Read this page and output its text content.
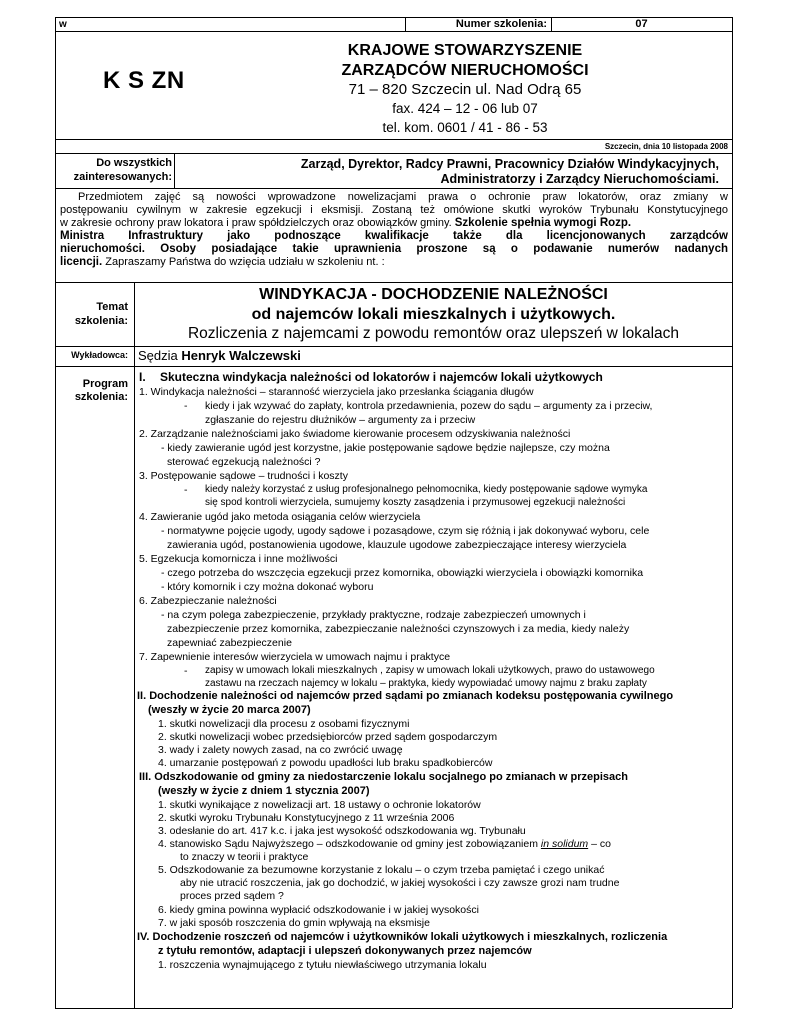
w	Numer szkolenia:	07
K S ZN
KRAJOWE STOWARZYSZENIE
ZARZĄDCÓW NIERUCHOMOŚCI
71 – 820 Szczecin ul. Nad Odrą 65
fax. 424 – 12 - 06 lub 07
tel. kom. 0601 / 41 - 86 - 53
Szczecin, dnia 10 listopada 2008
Do wszystkich
zainteresowanych:
Zarząd, Dyrektor, Radcy Prawni, Pracownicy Działów Windykacyjnych,
Administratorzy i Zarządcy Nieruchomościami.
Przedmiotem zajęć są nowości wprowadzone nowelizacjami prawa o ochronie praw lokatorów, oraz zmiany w
postępowaniu cywilnym w zakresie egzekucji i eksmisji. Zostaną też omówione skutki wyroków Trybunału Konstytucyjnego
w zakresie ochrony praw lokatora i praw spółdzielczych oraz obowiązków gminy. Szkolenie spełnia wymogi Rozp.
Ministra Infrastruktury jako podnoszące kwalifikacje także dla licencjonowanych zarządców
nieruchomości. Osoby posiadające takie uprawnienia proszone są o podawanie numerów nadanych
licencji. Zapraszamy Państwa do wzięcia udziału w szkoleniu nt. :
Temat
szkolenia:
WINDYKACJA - DOCHODZENIE NALEŻNOŚCI
od najemców lokali mieszkalnych i użytkowych.
Rozliczenia z najemcami z powodu remontów oraz ulepszeń w lokalach
Wykładowca: Sędzia Henryk Walczewski
Program
szkolenia:
I. Skuteczna windykacja należności od lokatorów i najemców lokali użytkowych
1. Windykacja należności – staranność wierzyciela jako przesłanka ściągania długów
- kiedy i jak wzywać do zapłaty, kontrola przedawnienia, pozew do sądu – argumenty za i przeciw,
zgłaszanie do rejestru dłużników – argumenty za i przeciw
2. Zarządzanie należnościami jako świadome kierowanie procesem odzyskiwania należności
- kiedy zawieranie ugód jest korzystne, jakie postępowanie sądowe będzie najlepsze, czy można
sterować egzekucją należności ?
3. Postępowanie sądowe – trudności i koszty
- kiedy należy korzystać z usług profesjonalnego pełnomocnika, kiedy postępowanie sądowe wymyka
się spod kontroli wierzyciela, sumujemy koszty zasądzenia i przymusowej egzekucji należności
4. Zawieranie ugód jako metoda osiągania celów wierzyciela
- normatywne pojęcie ugody, ugody sądowe i pozasądowe, czym się różnią i jak dokonywać wyboru, cele
zawierania ugód, postanowienia ugodowe, klauzule ugodowe zabezpieczające interesy wierzyciela
5. Egzekucja komornicza i inne możliwości
- czego potrzeba do wszczęcia egzekucji przez komornika, obowiązki wierzyciela i obowiązki komornika
- który komornik i czy można dokonać wyboru
6. Zabezpieczanie należności
- na czym polega zabezpieczenie, przykłady praktyczne, rodzaje zabezpieczeń umownych i
zabezpieczenie przez komornika, zabezpieczanie należności czynszowych i za media, kiedy należy
zapewniać zabezpieczenie
7. Zapewnienie interesów wierzyciela w umowach najmu i praktyce
- zapisy w umowach lokali mieszkalnych , zapisy w umowach lokali użytkowych, prawo do ustawowego
zastawu na rzeczach najemcy w lokalu – praktyka, kiedy wypowiadać umowy najmu z braku zapłaty
II. Dochodzenie należności od najemców przed sądami po zmianach kodeksu postępowania cywilnego
(weszły w życie 20 marca 2007)
1. skutki nowelizacji dla procesu z osobami fizycznymi
2. skutki nowelizacji wobec przedsiębiorców przed sądem gospodarczym
3. wady i zalety nowych zasad, na co zwrócić uwagę
4. umarzanie postępowań z powodu upadłości lub braku spadkobierców
III. Odszkodowanie od gminy za niedostarczenie lokalu socjalnego po zmianach w przepisach
(weszły w życie z dniem 1 stycznia 2007)
1. skutki wynikające z nowelizacji art. 18 ustawy o ochronie lokatorów
2. skutki wyroku Trybunału Konstytucyjnego z 11 września 2006
3. odesłanie do art. 417 k.c. i jaka jest wysokość odszkodowania wg. Trybunału
4. stanowisko Sądu Najwyższego – odszkodowanie od gminy jest zobowiązaniem in solidum – co
to znaczy w teorii i praktyce
5. Odszkodowanie za bezumowne korzystanie z lokalu – o czym trzeba pamiętać i czego unikać
aby nie utracić roszczenia, jak go dochodzić, w jakiej wysokości i czy zawsze grozi nam trudne
proces przed sądem ?
6. kiedy gmina powinna wypłacić odszkodowanie i w jakiej wysokości
7. w jaki sposób roszczenia do gmin wpływają na eksmisje
IV. Dochodzenie roszczeń od najemców i użytkowników lokali użytkowych i mieszkalnych, rozliczenia
z tytułu remontów, adaptacji i ulepszeń dokonywanych przez najemców
1. roszczenia wynajmującego z tytułu niewłaściwego utrzymania lokalu
